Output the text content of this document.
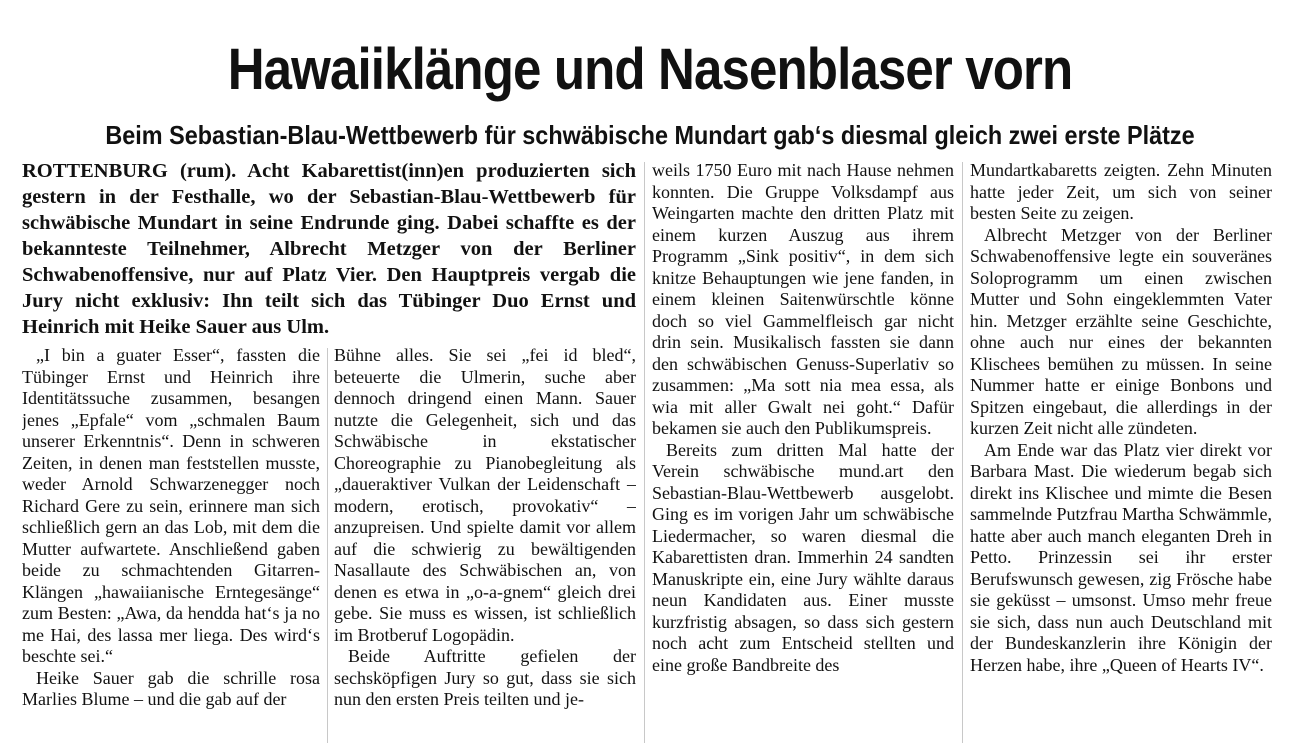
Hawaiiklänge und Nasenblaser vorn
Beim Sebastian-Blau-Wettbewerb für schwäbische Mundart gab‘s diesmal gleich zwei erste Plätze
ROTTENBURG (rum). Acht Kabarettist(inn)en produzierten sich gestern in der Festhalle, wo der Sebastian-Blau-Wettbewerb für schwäbische Mundart in seine Endrunde ging. Dabei schaffte es der bekannteste Teilnehmer, Albrecht Metzger von der Berliner Schwabenoffensive, nur auf Platz Vier. Den Hauptpreis vergab die Jury nicht exklusiv: Ihn teilt sich das Tübinger Duo Ernst und Heinrich mit Heike Sauer aus Ulm.

„I bin a guater Esser“, fassten die Tübinger Ernst und Heinrich ihre Identitätssuche zusammen, besangen jenes „Epfale“ vom „schmalen Baum unserer Erkenntnis“. Denn in schweren Zeiten, in denen man feststellen musste, weder Arnold Schwarzenegger noch Richard Gere zu sein, erinnere man sich schließlich gern an das Lob, mit dem die Mutter aufwartete. Anschließend gaben beide zu schmachtenden Gitarren-Klängen „hawaiianische Erntegesänge“ zum Besten: „Awa, da hendda hat‘s ja no me Hai, des lassa mer liega. Des wird‘s beschte sei.“

Heike Sauer gab die schrille rosa Marlies Blume – und die gab auf der

Bühne alles. Sie sei „fei id bled“, beteuerte die Ulmerin, suche aber dennoch dringend einen Mann. Sauer nutzte die Gelegenheit, sich und das Schwäbische in ekstatischer Choreographie zu Pianobegleitung als „daueraktiver Vulkan der Leidenschaft – modern, erotisch, provokativ“ – anzupreisen. Und spielte damit vor allem auf die schwierig zu bewältigenden Nasallaute des Schwäbischen an, von denen es etwa in „o-a-gnem“ gleich drei gebe. Sie muss es wissen, ist schließlich im Brotberuf Logopädin.

Beide Auftritte gefielen der sechsköpfigen Jury so gut, dass sie sich nun den ersten Preis teilten und je-

weils 1750 Euro mit nach Hause nehmen konnten. Die Gruppe Volksdampf aus Weingarten machte den dritten Platz mit einem kurzen Auszug aus ihrem Programm „Sink positiv“, in dem sich knitze Behauptungen wie jene fanden, in einem kleinen Saitenwürschtle könne doch so viel Gammelfleisch gar nicht drin sein. Musikalisch fassten sie dann den schwäbischen Genuss-Superlativ so zusammen: „Ma sott nia mea essa, als wia mit aller Gwalt nei goht.“ Dafür bekamen sie auch den Publikumspreis.

Bereits zum dritten Mal hatte der Verein schwäbische mund.art den Sebastian-Blau-Wettbewerb ausgelobt. Ging es im vorigen Jahr um schwäbische Liedermacher, so waren diesmal die Kabarettisten dran. Immerhin 24 sandten Manuskripte ein, eine Jury wählte daraus neun Kandidaten aus. Einer musste kurzfristig absagen, so dass sich gestern noch acht zum Entscheid stellten und eine große Bandbreite des

Mundartkabaretts zeigten. Zehn Minuten hatte jeder Zeit, um sich von seiner besten Seite zu zeigen.

Albrecht Metzger von der Berliner Schwabenoffensive legte ein souveränes Soloprogramm um einen zwischen Mutter und Sohn eingeklemmten Vater hin. Metzger erzählte seine Geschichte, ohne auch nur eines der bekannten Klischees bemühen zu müssen. In seine Nummer hatte er einige Bonbons und Spitzen eingebaut, die allerdings in der kurzen Zeit nicht alle zündeten.

Am Ende war das Platz vier direkt vor Barbara Mast. Die wiederum begab sich direkt ins Klischee und mimte die Besen sammelnde Putzfrau Martha Schwämmle, hatte aber auch manch eleganten Dreh in Petto. Prinzessin sei ihr erster Berufswunsch gewesen, zig Frösche habe sie geküsst – umsonst. Umso mehr freue sie sich, dass nun auch Deutschland mit der Bundeskanzlerin ihre Königin der Herzen habe, ihre „Queen of Hearts IV“.
